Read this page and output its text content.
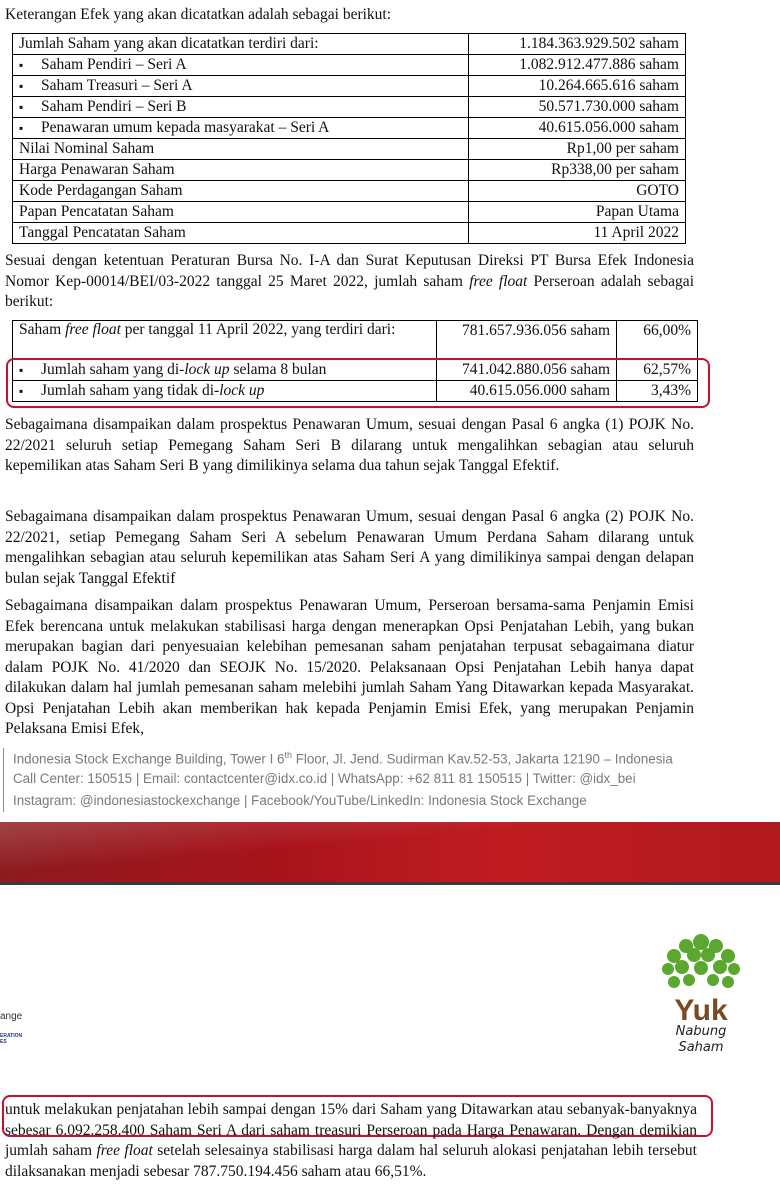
Keterangan Efek yang akan dicatatkan adalah sebagai berikut:
Jumlah Saham yang akan dicatatkan terdiri dari:	1.184.363.929.502 saham
▪ Saham Pendiri – Seri A	1.082.912.477.886 saham
▪ Saham Treasuri – Seri A	10.264.665.616 saham
▪ Saham Pendiri – Seri B	50.571.730.000 saham
▪ Penawaran umum kepada masyarakat – Seri A	40.615.056.000 saham
Nilai Nominal Saham	Rp1,00 per saham
Harga Penawaran Saham	Rp338,00 per saham
Kode Perdagangan Saham	GOTO
Papan Pencatatan Saham	Papan Utama
Tanggal Pencatatan Saham	11 April 2022
Sesuai dengan ketentuan Peraturan Bursa No. I-A dan Surat Keputusan Direksi PT Bursa Efek Indonesia Nomor Kep-00014/BEI/03-2022 tanggal 25 Maret 2022, jumlah saham free float Perseroan adalah sebagai berikut:
Saham free float per tanggal 11 April 2022, yang terdiri dari:	781.657.936.056 saham	66,00%
▪ Jumlah saham yang di-lock up selama 8 bulan	741.042.880.056 saham	62,57%
▪ Jumlah saham yang tidak di-lock up	40.615.056.000 saham	3,43%
Sebagaimana disampaikan dalam prospektus Penawaran Umum, sesuai dengan Pasal 6 angka (1) POJK No. 22/2021 seluruh setiap Pemegang Saham Seri B dilarang untuk mengalihkan sebagian atau seluruh kepemilikan atas Saham Seri B yang dimilikinya selama dua tahun sejak Tanggal Efektif.
Sebagaimana disampaikan dalam prospektus Penawaran Umum, sesuai dengan Pasal 6 angka (2) POJK No. 22/2021, setiap Pemegang Saham Seri A sebelum Penawaran Umum Perdana Saham dilarang untuk mengalihkan sebagian atau seluruh kepemilikan atas Saham Seri A yang dimilikinya sampai dengan delapan bulan sejak Tanggal Efektif
Sebagaimana disampaikan dalam prospektus Penawaran Umum, Perseroan bersama-sama Penjamin Emisi Efek berencana untuk melakukan stabilisasi harga dengan menerapkan Opsi Penjatahan Lebih, yang bukan merupakan bagian dari penyesuaian kelebihan pemesanan saham penjatahan terpusat sebagaimana diatur dalam POJK No. 41/2020 dan SEOJK No. 15/2020. Pelaksanaan Opsi Penjatahan Lebih hanya dapat dilakukan dalam hal jumlah pemesanan saham melebihi jumlah Saham Yang Ditawarkan kepada Masyarakat. Opsi Penjatahan Lebih akan memberikan hak kepada Penjamin Emisi Efek, yang merupakan Penjamin Pelaksana Emisi Efek,
Indonesia Stock Exchange Building, Tower I 6th Floor, Jl. Jend. Sudirman Kav.52-53, Jakarta 12190 – Indonesia
Call Center: 150515 | Email: contactcenter@idx.co.id | WhatsApp: +62 811 81 150515 | Twitter: @idx_bei
Instagram: @indonesiastockexchange | Facebook/YouTube/LinkedIn: Indonesia Stock Exchange
ange
ERATION
ES
Yuk
Nabung
Saham
untuk melakukan penjatahan lebih sampai dengan 15% dari Saham yang Ditawarkan atau sebanyak-banyaknya sebesar 6.092.258.400 Saham Seri A dari saham treasuri Perseroan pada Harga Penawaran. Dengan demikian jumlah saham free float setelah selesainya stabilisasi harga dalam hal seluruh alokasi penjatahan lebih tersebut dilaksanakan menjadi sebesar 787.750.194.456 saham atau 66,51%.
